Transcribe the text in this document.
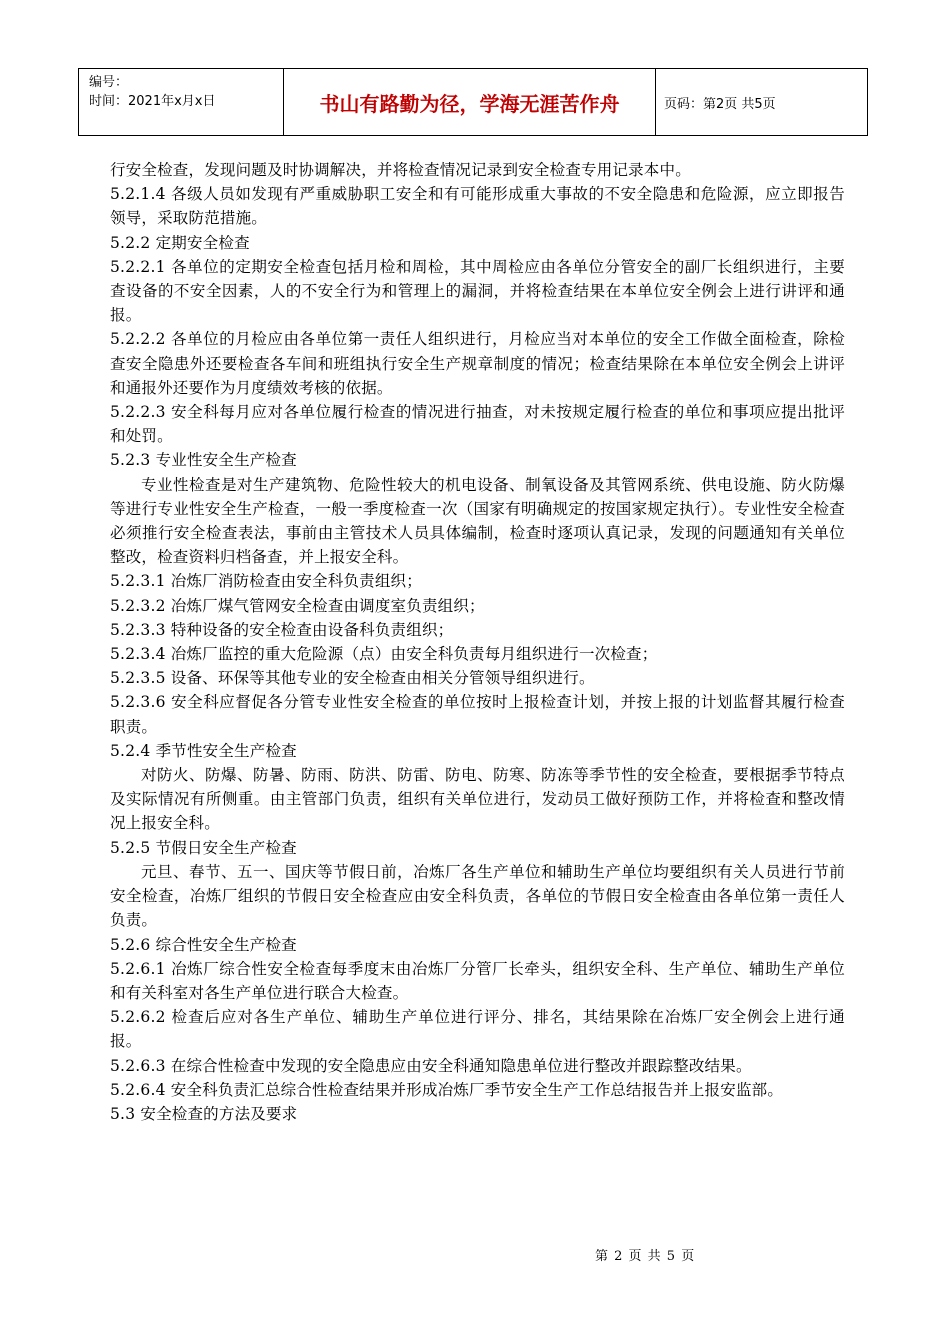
编号：
时间：2021年x月x日	书山有路勤为径，学海无涯苦作舟	页码：第2页 共5页

行安全检查，发现问题及时协调解决，并将检查情况记录到安全检查专用记录本中。

5.2.1.4 各级人员如发现有严重威胁职工安全和有可能形成重大事故的不安全隐患和危险源，应立即报告领导，采取防范措施。

5.2.2 定期安全检查

5.2.2.1 各单位的定期安全检查包括月检和周检，其中周检应由各单位分管安全的副厂长组织进行，主要查设备的不安全因素，人的不安全行为和管理上的漏洞，并将检查结果在本单位安全例会上进行讲评和通报。

5.2.2.2 各单位的月检应由各单位第一责任人组织进行，月检应当对本单位的安全工作做全面检查，除检查安全隐患外还要检查各车间和班组执行安全生产规章制度的情况；检查结果除在本单位安全例会上讲评和通报外还要作为月度绩效考核的依据。

5.2.2.3 安全科每月应对各单位履行检查的情况进行抽查，对未按规定履行检查的单位和事项应提出批评和处罚。

5.2.3 专业性安全生产检查

专业性检查是对生产建筑物、危险性较大的机电设备、制氧设备及其管网系统、供电设施、防火防爆等进行专业性安全生产检查，一般一季度检查一次（国家有明确规定的按国家规定执行）。专业性安全检查必须推行安全检查表法，事前由主管技术人员具体编制，检查时逐项认真记录，发现的问题通知有关单位整改，检查资料归档备查，并上报安全科。

5.2.3.1 冶炼厂消防检查由安全科负责组织；

5.2.3.2 冶炼厂煤气管网安全检查由调度室负责组织；

5.2.3.3 特种设备的安全检查由设备科负责组织；

5.2.3.4 冶炼厂监控的重大危险源（点）由安全科负责每月组织进行一次检查；

5.2.3.5 设备、环保等其他专业的安全检查由相关分管领导组织进行。

5.2.3.6 安全科应督促各分管专业性安全检查的单位按时上报检查计划，并按上报的计划监督其履行检查职责。

5.2.4 季节性安全生产检查

对防火、防爆、防暑、防雨、防洪、防雷、防电、防寒、防冻等季节性的安全检查，要根据季节特点及实际情况有所侧重。由主管部门负责，组织有关单位进行，发动员工做好预防工作，并将检查和整改情况上报安全科。

5.2.5 节假日安全生产检查

元旦、春节、五一、国庆等节假日前，冶炼厂各生产单位和辅助生产单位均要组织有关人员进行节前安全检查，冶炼厂组织的节假日安全检查应由安全科负责，各单位的节假日安全检查由各单位第一责任人负责。

5.2.6 综合性安全生产检查

5.2.6.1 冶炼厂综合性安全检查每季度末由冶炼厂分管厂长牵头，组织安全科、生产单位、辅助生产单位和有关科室对各生产单位进行联合大检查。

5.2.6.2 检查后应对各生产单位、辅助生产单位进行评分、排名，其结果除在冶炼厂安全例会上进行通报。

5.2.6.3 在综合性检查中发现的安全隐患应由安全科通知隐患单位进行整改并跟踪整改结果。

5.2.6.4 安全科负责汇总综合性检查结果并形成冶炼厂季节安全生产工作总结报告并上报安监部。

5.3 安全检查的方法及要求

第 2 页 共 5 页
